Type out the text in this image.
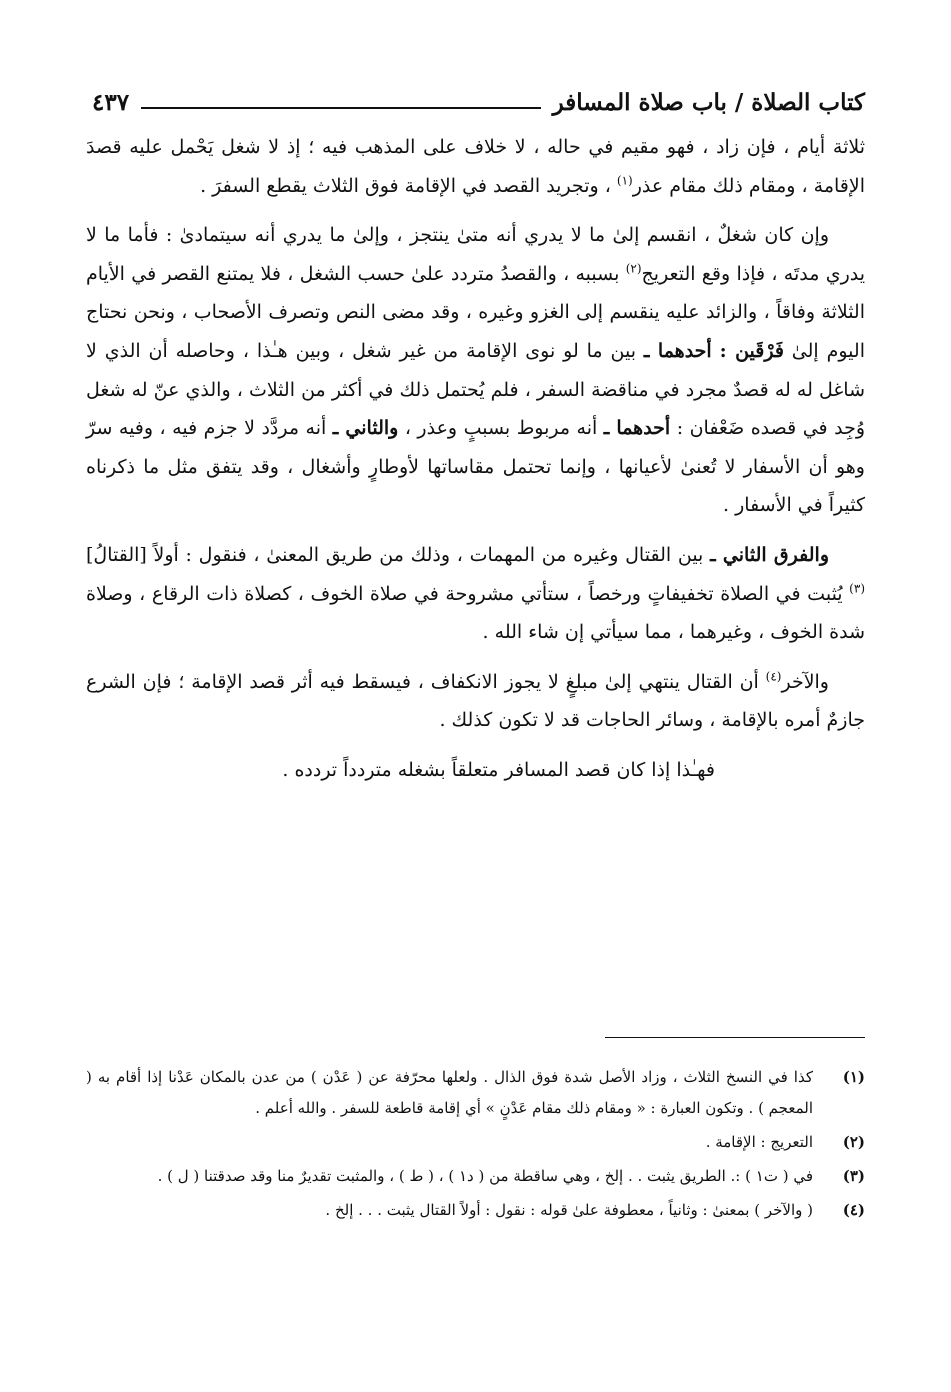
كتاب الصلاة / باب صلاة المسافر
٤٣٧

ثلاثة أيام ، فإن زاد ، فهو مقيم في حاله ، لا خلاف على المذهب فيه ؛ إذ لا شغل يَحْمل عليه قصدَ الإقامة ، ومقام ذلك مقام عذر$^{(١)}$ ، وتجريد القصد في الإقامة فوق الثلاث يقطع السفرَ .

وإن كان شغلٌ ، انقسم إلىٰ ما لا يدري أنه متىٰ ينتجز ، وإلىٰ ما يدري أنه سيتمادىٰ : فأما ما لا يدري مدتَه ، فإذا وقع التعريج$^{(٢)}$ بسببه ، والقصدُ متردد علىٰ حسب الشغل ، فلا يمتنع القصر في الأيام الثلاثة وفاقاً ، والزائد عليه ينقسم إلى الغزو وغيره ، وقد مضى النص وتصرف الأصحاب ، ونحن نحتاج اليوم إلىٰ فَرْقَين : أحدهما ـ بين ما لو نوى الإقامة من غير شغل ، وبين هـٰذا ، وحاصله أن الذي لا شاغل له له قصدٌ مجرد في مناقضة السفر ، فلم يُحتمل ذلك في أكثر من الثلاث ، والذي عنّ له شغل وُجِد في قصده ضَعْفان : أحدهما ـ أنه مربوط بسببٍ وعذر ، والثاني ـ أنه مردَّد لا جزم فيه ، وفيه سرّ وهو أن الأسفار لا تُعنىٰ لأعيانها ، وإنما تحتمل مقاساتها لأوطارٍ وأشغال ، وقد يتفق مثل ما ذكرناه كثيراً في الأسفار .

والفرق الثاني ـ بين القتال وغيره من المهمات ، وذلك من طريق المعنىٰ ، فنقول : أولاً [القتالُ]$^{(٣)}$ يُثبت في الصلاة تخفيفاتٍ ورخصاً ، ستأتي مشروحة في صلاة الخوف ، كصلاة ذات الرقاع ، وصلاة شدة الخوف ، وغيرهما ، مما سيأتي إن شاء الله .

والآخر$^{(٤)}$ أن القتال ينتهي إلىٰ مبلغٍ لا يجوز الانكفاف ، فيسقط فيه أثر قصد الإقامة ؛ فإن الشرع جازمٌ أمره بالإقامة ، وسائر الحاجات قد لا تكون كذلك .

فهـٰذا إذا كان قصد المسافر متعلقاً بشغله متردداً تردده .

(١)
كذا في النسخ الثلاث ، وزاد الأصل شدة فوق الذال . ولعلها محرّفة عن ( عَدْن ) من عدن بالمكان عَدْنا إذا أقام به ( المعجم ) . وتكون العبارة : « ومقام ذلك مقام عَدْنٍ » أي إقامة قاطعة للسفر . والله أعلم .
(٢)
التعريج : الإقامة .
(٣)
في ( ت١ ) :. الطريق يثبت . . إلخ ، وهي ساقطة من ( د١ ) ، ( ط ) ، والمثبت تقديرٌ منا وقد صدقتنا ( ل ) .
(٤)
( والآخر ) بمعنىٰ : وثانياً ، معطوفة علىٰ قوله : نقول : أولاً القتال يثبت . . . إلخ .
